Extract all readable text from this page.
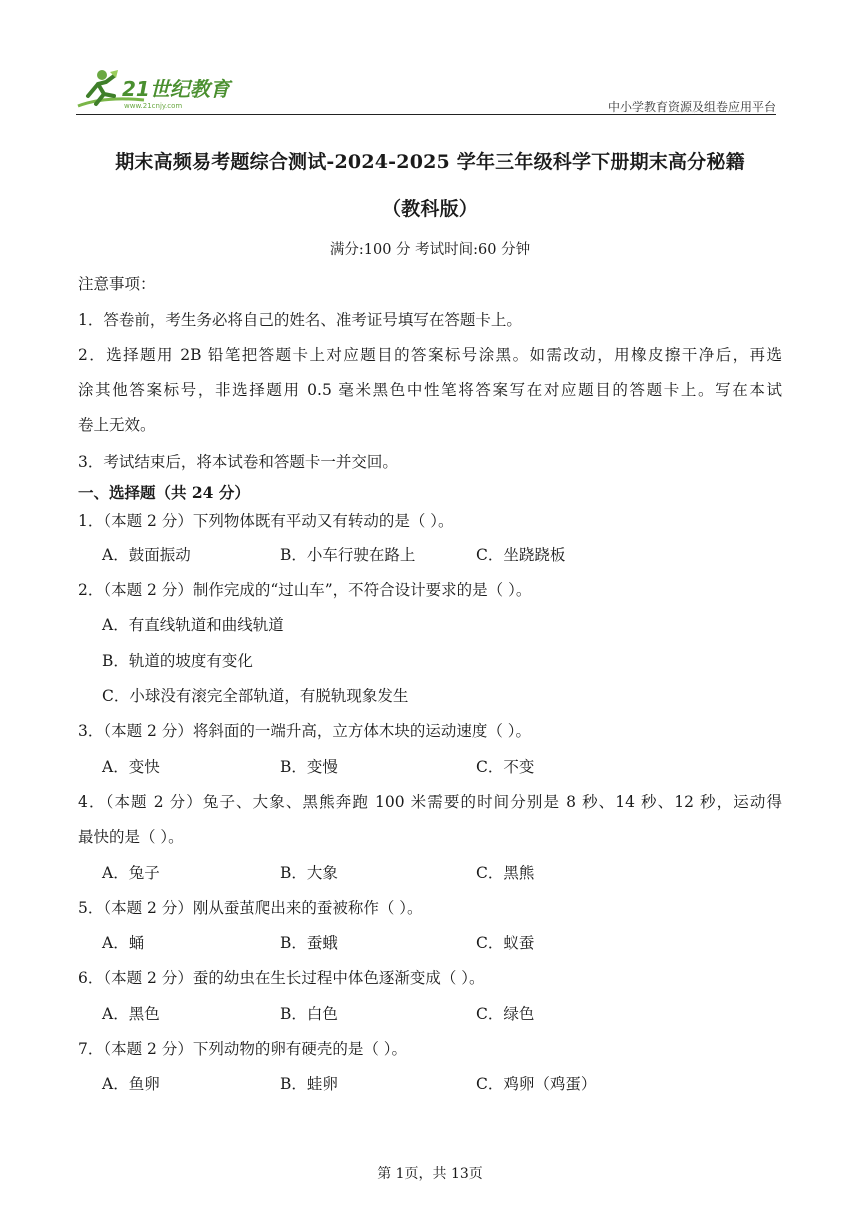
21世纪教育
www.21cnjy.com	中小学教育资源及组卷应用平台
期末高频易考题综合测试-2024-2025 学年三年级科学下册期末高分秘籍
（教科版）
满分:100 分 考试时间:60 分钟
注意事项：
1．答卷前，考生务必将自己的姓名、准考证号填写在答题卡上。
2．选择题用 2B 铅笔把答题卡上对应题目的答案标号涂黑。如需改动，用橡皮擦干净后，再选
涂其他答案标号，非选择题用 0.5 毫米黑色中性笔将答案写在对应题目的答题卡上。写在本试
卷上无效。
3．考试结束后，将本试卷和答题卡一并交回。
一、选择题（共 24 分）
1．（本题 2 分）下列物体既有平动又有转动的是（ ）。
A．鼓面振动	B．小车行驶在路上	C．坐跷跷板
2．（本题 2 分）制作完成的“过山车”，不符合设计要求的是（ ）。
A．有直线轨道和曲线轨道
B．轨道的坡度有变化
C．小球没有滚完全部轨道，有脱轨现象发生
3．（本题 2 分）将斜面的一端升高，立方体木块的运动速度（ ）。
A．变快	B．变慢	C．不变
4．（本题 2 分）兔子、大象、黑熊奔跑 100 米需要的时间分别是 8 秒、14 秒、12 秒，运动得
最快的是（ ）。
A．兔子	B．大象	C．黑熊
5．（本题 2 分）刚从蚕茧爬出来的蚕被称作（ ）。
A．蛹	B．蚕蛾	C．蚁蚕
6．（本题 2 分）蚕的幼虫在生长过程中体色逐渐变成（ ）。
A．黑色	B．白色	C．绿色
7．（本题 2 分）下列动物的卵有硬壳的是（ ）。
A．鱼卵	B．蛙卵	C．鸡卵（鸡蛋）
第 1页，共 13页
